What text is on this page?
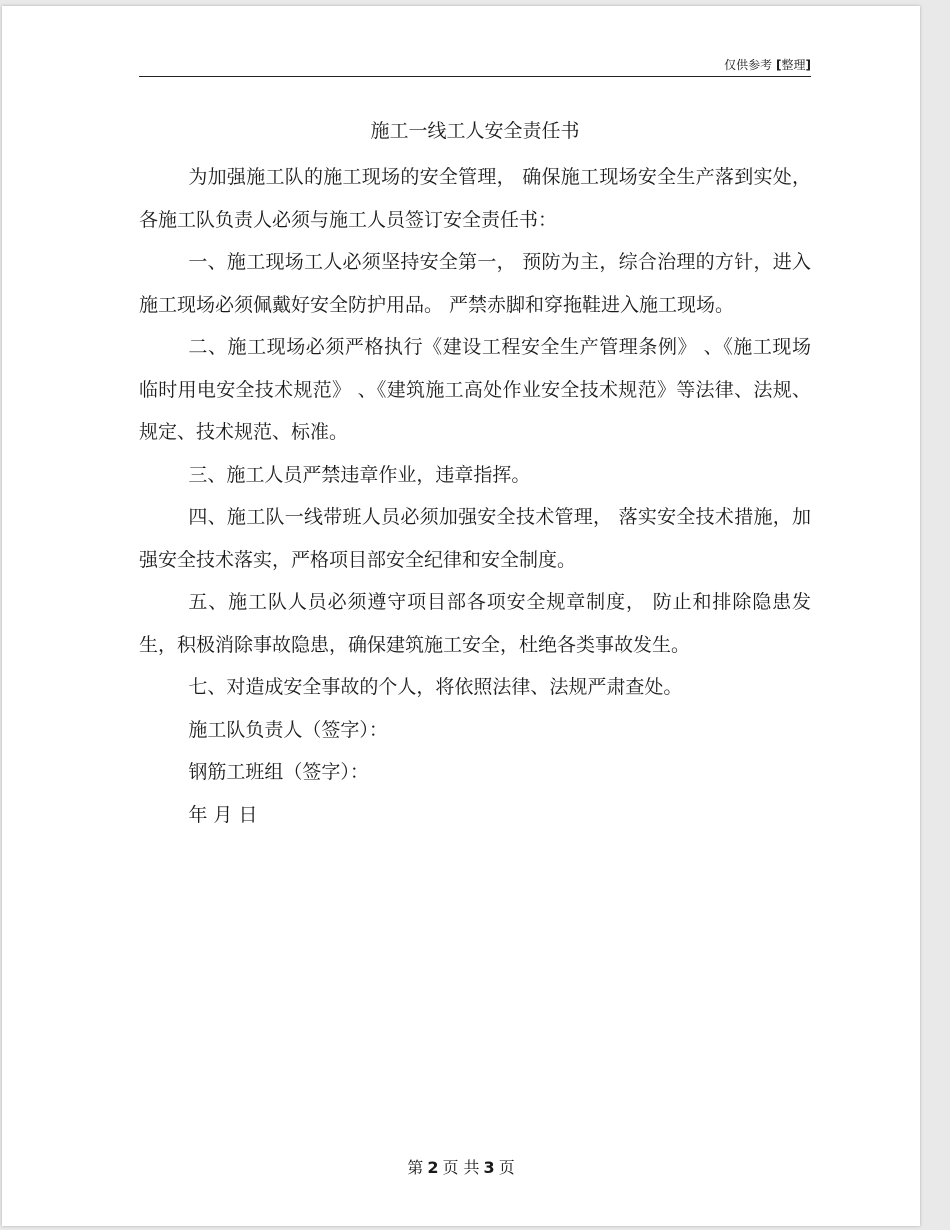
仅供参考 [整理]
施工一线工人安全责任书

为加强施工队的施工现场的安全管理， 确保施工现场安全生产落到实处，各施工队负责人必须与施工人员签订安全责任书：

一、施工现场工人必须坚持安全第一， 预防为主，综合治理的方针，进入施工现场必须佩戴好安全防护用品。 严禁赤脚和穿拖鞋进入施工现场。

二、施工现场必须严格执行《建设工程安全生产管理条例》 、《施工现场临时用电安全技术规范》 、《建筑施工高处作业安全技术规范》等法律、法规、规定、技术规范、标准。

三、施工人员严禁违章作业，违章指挥。

四、施工队一线带班人员必须加强安全技术管理， 落实安全技术措施，加强安全技术落实，严格项目部安全纪律和安全制度。

五、施工队人员必须遵守项目部各项安全规章制度， 防止和排除隐患发生，积极消除事故隐患，确保建筑施工安全，杜绝各类事故发生。

七、对造成安全事故的个人，将依照法律、法规严肃查处。

施工队负责人（签字）：

钢筋工班组（签字）：

年 月 日

第 2 页 共 3 页
